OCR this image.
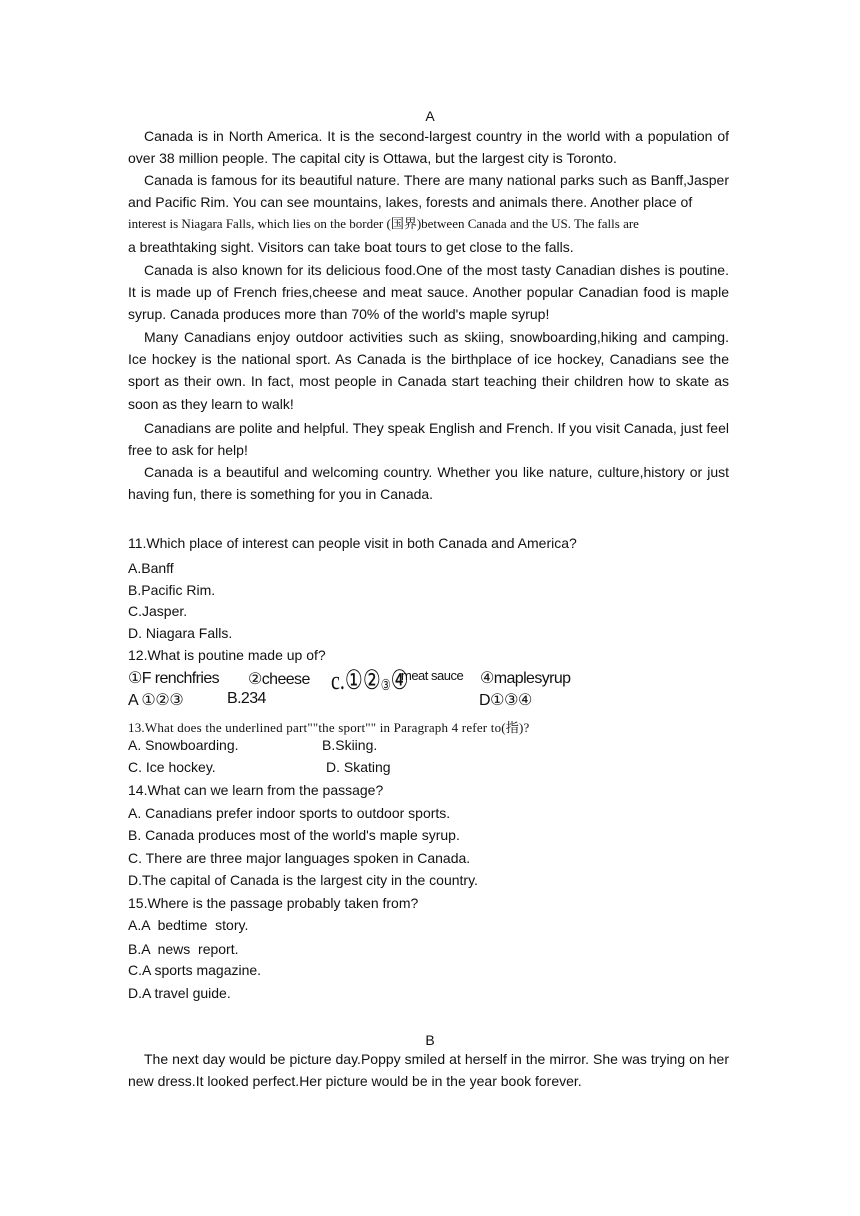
A

Canada is in North America. It is the second-largest country in the world with a population of over 38 million people. The capital city is Ottawa, but the largest city is Toronto.

Canada is famous for its beautiful nature. There are many national parks such as Banff,Jasper and Pacific Rim. You can see mountains, lakes, forests and animals there. Another place of

interest is Niagara Falls, which lies on the border (国界)between Canada and the US. The falls are

a breathtaking sight. Visitors can take boat tours to get close to the falls.

Canada is also known for its delicious food.One of the most tasty Canadian dishes is poutine. It is made up of French fries,cheese and meat sauce. Another popular Canadian food is maple syrup. Canada produces more than 70% of the world's maple syrup!

Many Canadians enjoy outdoor activities such as skiing, snowboarding,hiking and camping. Ice hockey is the national sport. As Canada is the birthplace of ice hockey, Canadians see the sport as their own. In fact, most people in Canada start teaching their children how to skate as soon as they learn to walk!

Canadians are polite and helpful. They speak English and French. If you visit Canada, just feel free to ask for help!

Canada is a beautiful and welcoming country. Whether you like nature, culture,history or just having fun, there is something for you in Canada.

11.Which place of interest can people visit in both Canada and America?

A.Banff

B.Pacific Rim.

C.Jasper.

D. Niagara Falls.

12.What is poutine made up of?

①F renchfries ②cheese c.①②③④
meat sauce ④maplesyrup
A ①②③	B.234	D①③④

13.What does the underlined part""the sport"" in Paragraph 4 refer to(指)?

A. Snowboarding.	B.Skiing.

C. Ice hockey.	D. Skating

14.What can we learn from the passage?

A. Canadians prefer indoor sports to outdoor sports.

B. Canada produces most of the world's maple syrup.

C. There are three major languages spoken in Canada.

D.The capital of Canada is the largest city in the country.

15.Where is the passage probably taken from?

A.A  bedtime  story.

B.A  news  report.

C.A sports magazine.

D.A travel guide.

B

The next day would be picture day.Poppy smiled at herself in the mirror. She was trying on her new dress.It looked perfect.Her picture would be in the year book forever.
